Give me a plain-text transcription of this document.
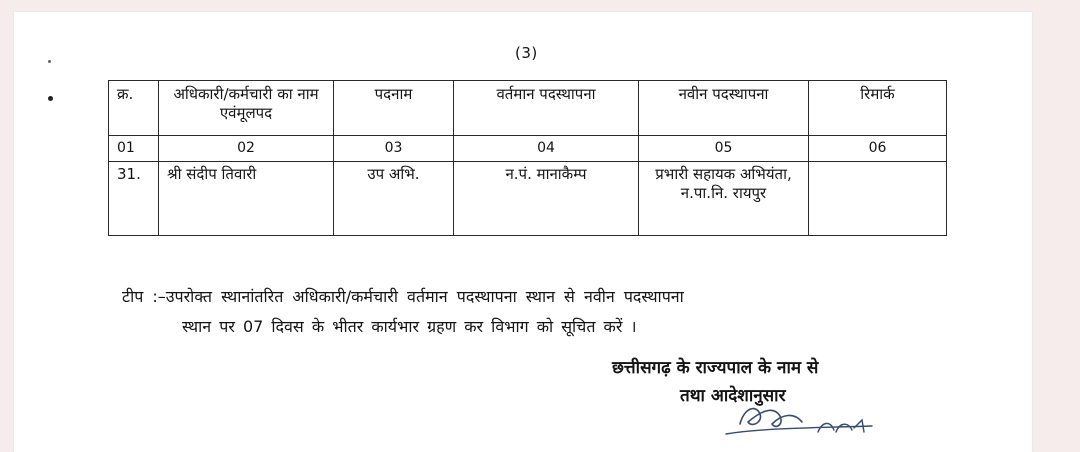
(3)
क्र.	अधिकारी/कर्मचारी का नाम एवंमूलपद	पदनाम	वर्तमान पदस्थापना	नवीन पदस्थापना	रिमार्क
01	02	03	04	05	06
31.	श्री संदीप तिवारी	उप अभि.	न.पं. मानाकैम्प	प्रभारी सहायक अभियंता, न.पा.नि. रायपुर	
टीप :–उपरोक्त स्थानांतरित अधिकारी/कर्मचारी वर्तमान पदस्थापना स्थान से नवीन पदस्थापना
स्थान पर 07 दिवस के भीतर कार्यभार ग्रहण कर विभाग को सूचित करें ।
छत्तीसगढ़ के राज्यपाल के नाम से
तथा आदेशानुसार
